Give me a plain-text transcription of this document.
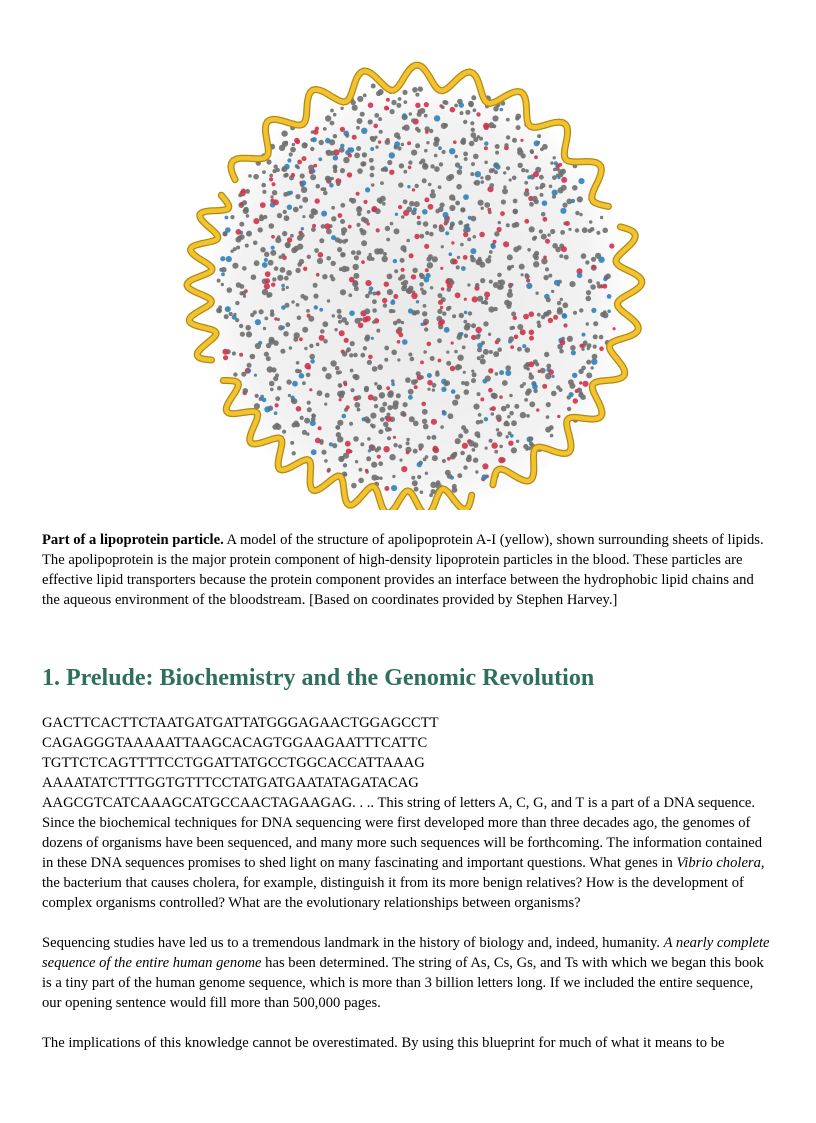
Part of a lipoprotein particle. A model of the structure of apolipoprotein A-I (yellow), shown surrounding sheets of lipids. The apolipoprotein is the major protein component of high-density lipoprotein particles in the blood. These particles are effective lipid transporters because the protein component provides an interface between the hydrophobic lipid chains and the aqueous environment of the bloodstream. [Based on coordinates provided by Stephen Harvey.]

1. Prelude: Biochemistry and the Genomic Revolution

GACTTCACTTCTAATGATGATTATGGGAGAACTGGAGCCTT
CAGAGGGTAAAAATTAAGCACAGTGGAAGAATTTCATTC
TGTTCTCAGTTTTCCTGGATTATGCCTGGCACCATTAAAG
AAAATATCTTTGGTGTTTCCTATGATGAATATAGATACAG
AAGCGTCATCAAAGCATGCCAACTAGAAGAG. . .. This string of letters A, C, G, and T is a part of a DNA sequence. Since the biochemical techniques for DNA sequencing were first developed more than three decades ago, the genomes of dozens of organisms have been sequenced, and many more such sequences will be forthcoming. The information contained in these DNA sequences promises to shed light on many fascinating and important questions. What genes in Vibrio cholera, the bacterium that causes cholera, for example, distinguish it from its more benign relatives? How is the development of complex organisms controlled? What are the evolutionary relationships between organisms?

Sequencing studies have led us to a tremendous landmark in the history of biology and, indeed, humanity. A nearly complete sequence of the entire human genome has been determined. The string of As, Cs, Gs, and Ts with which we began this book is a tiny part of the human genome sequence, which is more than 3 billion letters long. If we included the entire sequence, our opening sentence would fill more than 500,000 pages.

The implications of this knowledge cannot be overestimated. By using this blueprint for much of what it means to be
